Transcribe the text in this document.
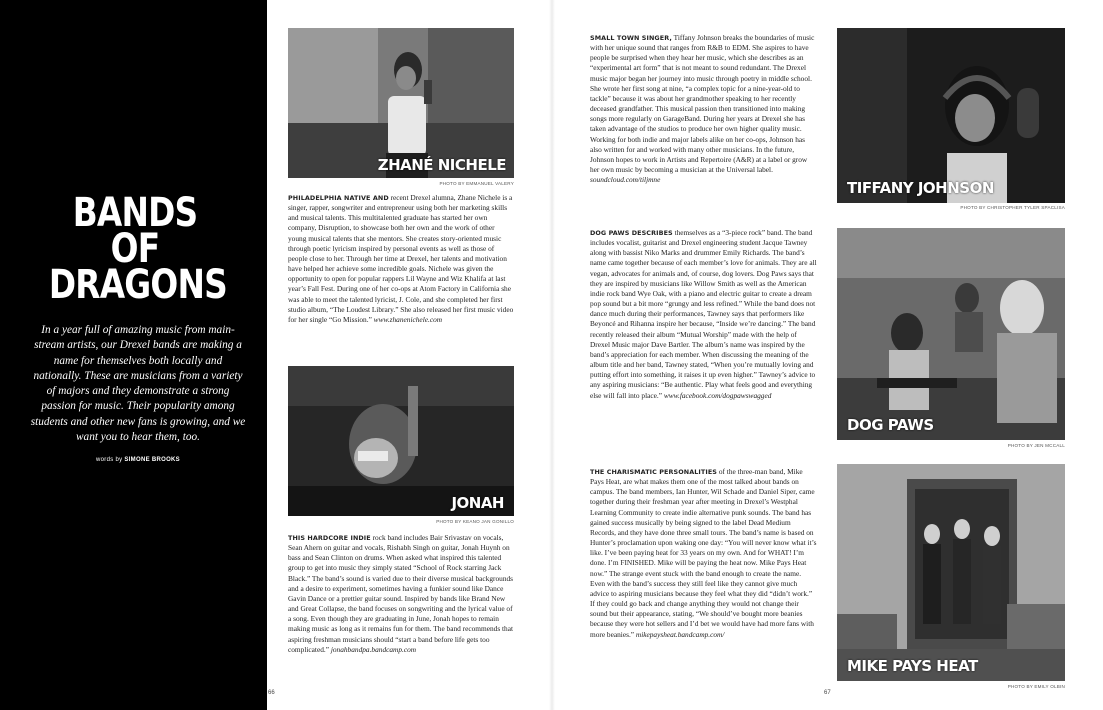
BANDS OF
DRAGONS

In a year full of amazing music from main-stream artists, our Drexel bands are making a name for themselves both locally and nationally. These are musicians from a variety of majors and they demonstrate a strong passion for music. Their popularity among students and other new fans is growing, and we want you to hear them, too.

words by SIMONE BROOKS

ZHANÉ NICHELE
PHOTO BY EMMANUEL VALERY
PHILADELPHIA NATIVE AND recent Drexel alumna, Zhane Nichele is a singer, rapper, songwriter and entrepreneur using both her marketing skills and musical talents. This multitalented graduate has started her own company, Disruption, to showcase both her own and the work of other young musical talents that she mentors. She creates story-oriented music through poetic lyricism inspired by personal events as well as those of people close to her. Through her time at Drexel, her talents and motivation have helped her achieve some incredible goals. Nichele was given the opportunity to open for popular rappers Lil Wayne and Wiz Khalifa at last year’s Fall Fest. During one of her co-ops at Atom Factory in California she was able to meet the talented lyricist, J. Cole, and she completed her first studio album, “The Loudest Library.” She also released her first music video for her single “Go Mission.” www.zhanenichele.com
JONAH
PHOTO BY KEANO JAN GONILLO
THIS HARDCORE INDIE rock band includes Bair Srivastav on vocals, Sean Ahern on guitar and vocals, Rishabh Singh on guitar, Jonah Huynh on bass and Sean Clinton on drums. When asked what inspired this talented group to get into music they simply stated “School of Rock starring Jack Black.” The band’s sound is varied due to their diverse musical backgrounds and a desire to experiment, sometimes having a funkier sound like Dance Gavin Dance or a prettier guitar sound. Inspired by bands like Brand New and Great Collapse, the band focuses on songwriting and the lyrical value of a song. Even though they are graduating in June, Jonah hopes to remain making music as long as it remains fun for them. The band recommends that aspiring freshman musicians should “start a band before life gets too complicated.” jonahbandpa.bandcamp.com
66
SMALL TOWN SINGER, Tiffany Johnson breaks the boundaries of music with her unique sound that ranges from R&B to EDM. She aspires to have people be surprised when they hear her music, which she describes as an “experimental art form” that is not meant to sound redundant. The Drexel music major began her journey into music through poetry in middle school. She wrote her first song at nine, “a complex topic for a nine-year-old to tackle” because it was about her grandmother speaking to her recently deceased grandfather. This musical passion then transitioned into making songs more regularly on GarageBand. During her years at Drexel she has taken advantage of the studios to produce her own higher quality music. Working for both indie and major labels alike on her co-ops, Johnson has also written for and worked with many other musicians. In the future, Johnson hopes to work in Artists and Repertoire (A&R) at a label or grow her own music by becoming a musician at the Universal label. soundcloud.com/tiljmne
DOG PAWS DESCRIBES themselves as a “3-piece rock” band. The band includes vocalist, guitarist and Drexel engineering student Jacque Tawney along with bassist Niko Marks and drummer Emily Richards. The band’s name came together because of each member’s love for animals. They are all vegan, advocates for animals and, of course, dog lovers. Dog Paws says that they are inspired by musicians like Willow Smith as well as the American indie rock band Wye Oak, with a piano and electric guitar to create a dream pop sound but a bit more “grungy and less refined.” While the band does not dance much during their performances, Tawney says that performers like Beyoncé and Rihanna inspire her because, “Inside we’re dancing.” The band recently released their album “Mutual Worship” made with the help of Drexel Music major Dave Bartler. The album’s name was inspired by the band’s appreciation for each member. When discussing the meaning of the album title and her band, Tawney stated, “When you’re mutually loving and putting effort into something, it raises it up even higher.” Tawney’s advice to any aspiring musicians: “Be authentic. Play what feels good and everything else will fall into place.” www.facebook.com/dogpawswagged
THE CHARISMATIC PERSONALITIES of the three-man band, Mike Pays Heat, are what makes them one of the most talked about bands on campus. The band members, Ian Hunter, Wil Schade and Daniel Siper, came together during their freshman year after meeting in Drexel’s Westphal Learning Community to create indie alternative punk sounds. The band has gained success musically by being signed to the label Dead Medium Records, and they have done three small tours. The band’s name is based on Hunter’s proclamation upon waking one day: “You will never know what it’s like. I’ve been paying heat for 33 years on my own. And for WHAT! I’m done. I’m FINISHED. Mike will be paying the heat now. Mike Pays Heat now.” The strange event stuck with the band enough to create the name. Even with the band’s success they still feel like they cannot give much advice to aspiring musicians because they feel what they did “didn’t work.” If they could go back and change anything they would not change their sound but their appearance, stating, “We should’ve bought more beanies because they were hot sellers and I’d bet we would have had more fans with more beanies.” mikepaysheat.bandcamp.com/
TIFFANY JOHNSON
PHOTO BY CHRISTOPHER TYLER SPACLISA
DOG PAWS
PHOTO BY JEN MCCALL
MIKE PAYS HEAT
PHOTO BY EMILY OLBIN
67
